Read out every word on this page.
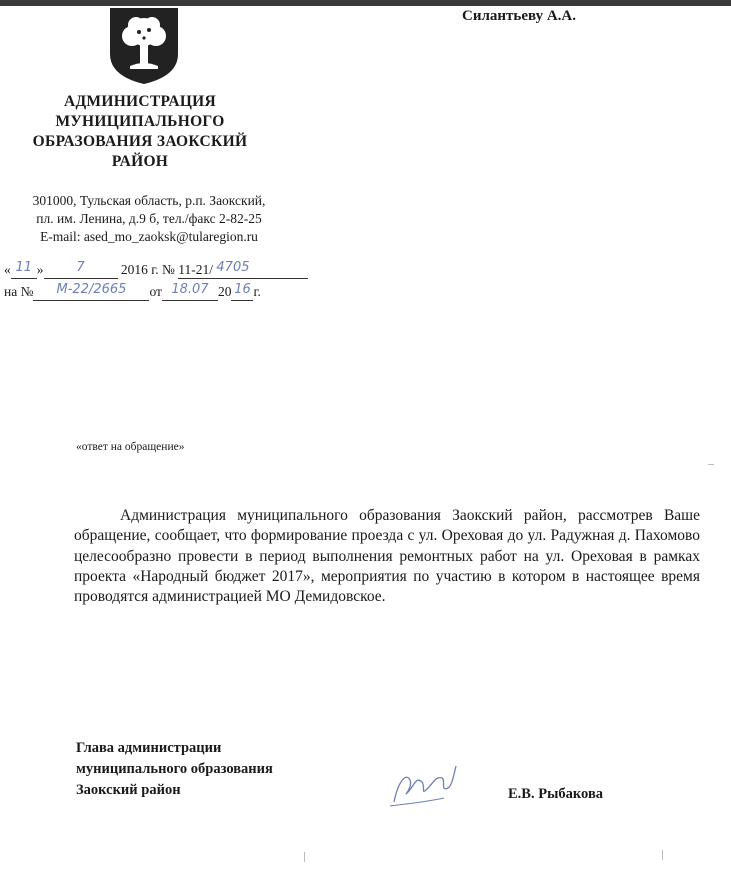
Силантьеву А.А.
АДМИНИСТРАЦИЯ
МУНИЦИПАЛЬНОГО
ОБРАЗОВАНИЯ ЗАОКСКИЙ
РАЙОН
301000, Тульская область, р.п. Заокский,
пл. им. Ленина, д.9 б, тел./факс 2-82-25
E-mail: ased_mo_zaoksk@tularegion.ru
« 11 »	7	2016 г. № 11-21/ 4705
на № М-22/2665 от 18.07 20 16 г.
«ответ на обращение»
Администрация муниципального образования Заокский район, рассмотрев Ваше обращение, сообщает, что формирование проезда с ул. Ореховая до ул. Радужная д. Пахомово целесообразно провести в период выполнения ремонтных работ на ул. Ореховая в рамках проекта «Народный бюджет 2017», мероприятия по участию в котором в настоящее время проводятся администрацией МО Демидовское.
Глава администрации
муниципального образования
Заокский район	Е.В. Рыбакова
